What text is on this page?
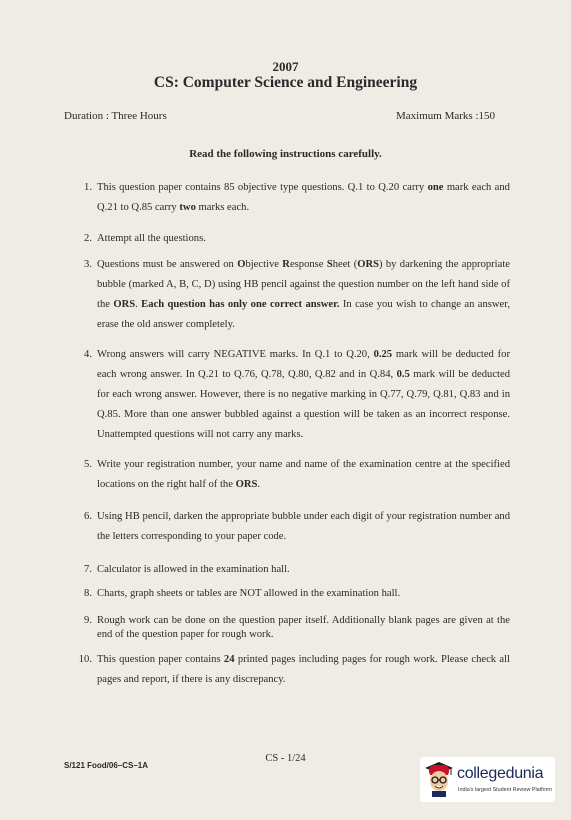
2007
CS: Computer Science and Engineering
Duration : Three Hours	Maximum Marks :150
Read the following instructions carefully.
1. This question paper contains 85 objective type questions. Q.1 to Q.20 carry one mark each and Q.21 to Q.85 carry two marks each.
2. Attempt all the questions.
3. Questions must be answered on Objective Response Sheet (ORS) by darkening the appropriate bubble (marked A, B, C, D) using HB pencil against the question number on the left hand side of the ORS. Each question has only one correct answer. In case you wish to change an answer, erase the old answer completely.
4. Wrong answers will carry NEGATIVE marks. In Q.1 to Q.20, 0.25 mark will be deducted for each wrong answer. In Q.21 to Q.76, Q.78, Q.80, Q.82 and in Q.84, 0.5 mark will be deducted for each wrong answer. However, there is no negative marking in Q.77, Q.79, Q.81, Q.83 and in Q.85. More than one answer bubbled against a question will be taken as an incorrect response. Unattempted questions will not carry any marks.
5. Write your registration number, your name and name of the examination centre at the specified locations on the right half of the ORS.
6. Using HB pencil, darken the appropriate bubble under each digit of your registration number and the letters corresponding to your paper code.
7. Calculator is allowed in the examination hall.
8. Charts, graph sheets or tables are NOT allowed in the examination hall.
9. Rough work can be done on the question paper itself. Additionally blank pages are given at the end of the question paper for rough work.
10. This question paper contains 24 printed pages including pages for rough work. Please check all pages and report, if there is any discrepancy.
CS - 1/24
S/121 Food/06–CS–1A	collegedunia
India's largest Student Review Platform
